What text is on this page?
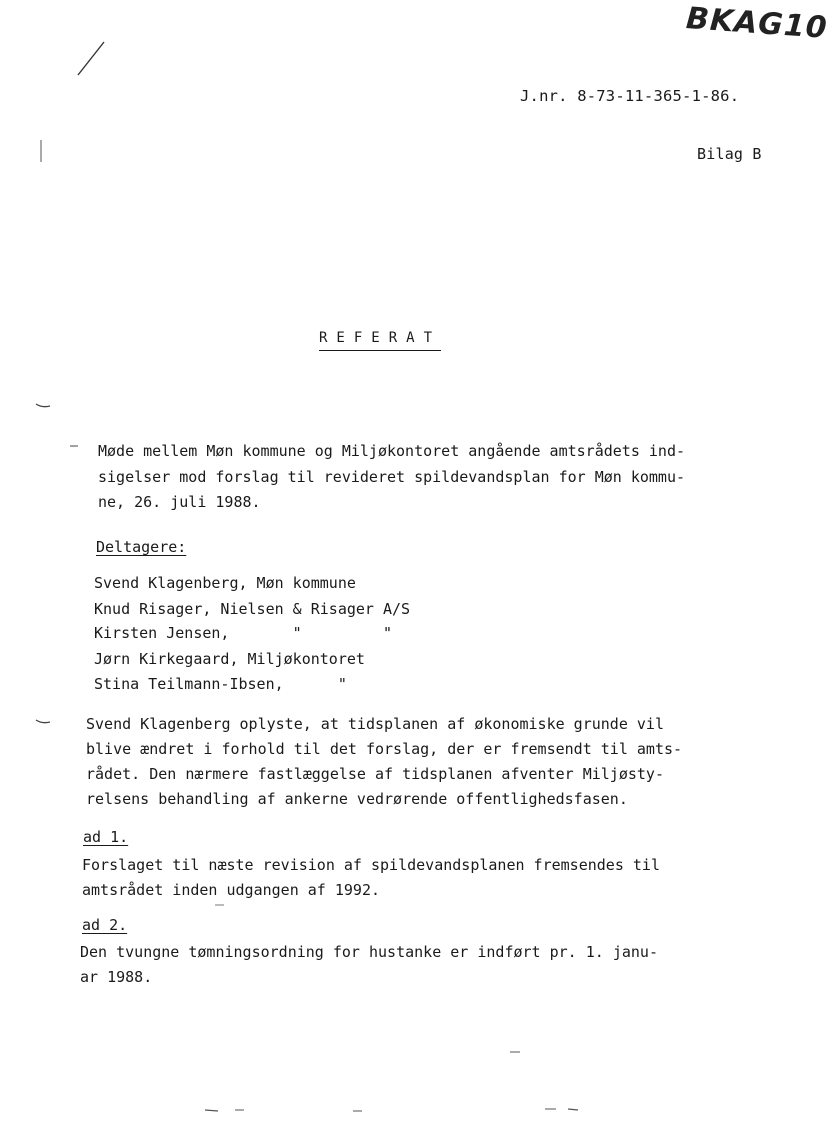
BKAG10
J.nr. 8-73-11-365-1-86.
Bilag B
REFERAT
Møde mellem Møn kommune og Miljøkontoret angående amtsrådets ind-
sigelser mod forslag til revideret spildevandsplan for Møn kommu-
ne, 26. juli 1988.
Deltagere:
Svend Klagenberg, Møn kommune
Knud Risager, Nielsen & Risager A/S
Kirsten Jensen,       "         "
Jørn Kirkegaard, Miljøkontoret
Stina Teilmann-Ibsen,      "
Svend Klagenberg oplyste, at tidsplanen af økonomiske grunde vil
blive ændret i forhold til det forslag, der er fremsendt til amts-
rådet. Den nærmere fastlæggelse af tidsplanen afventer Miljøsty-
relsens behandling af ankerne vedrørende offentlighedsfasen.
ad 1.
Forslaget til næste revision af spildevandsplanen fremsendes til
amtsrådet inden udgangen af 1992.
ad 2.
Den tvungne tømningsordning for hustanke er indført pr. 1. janu-
ar 1988.
